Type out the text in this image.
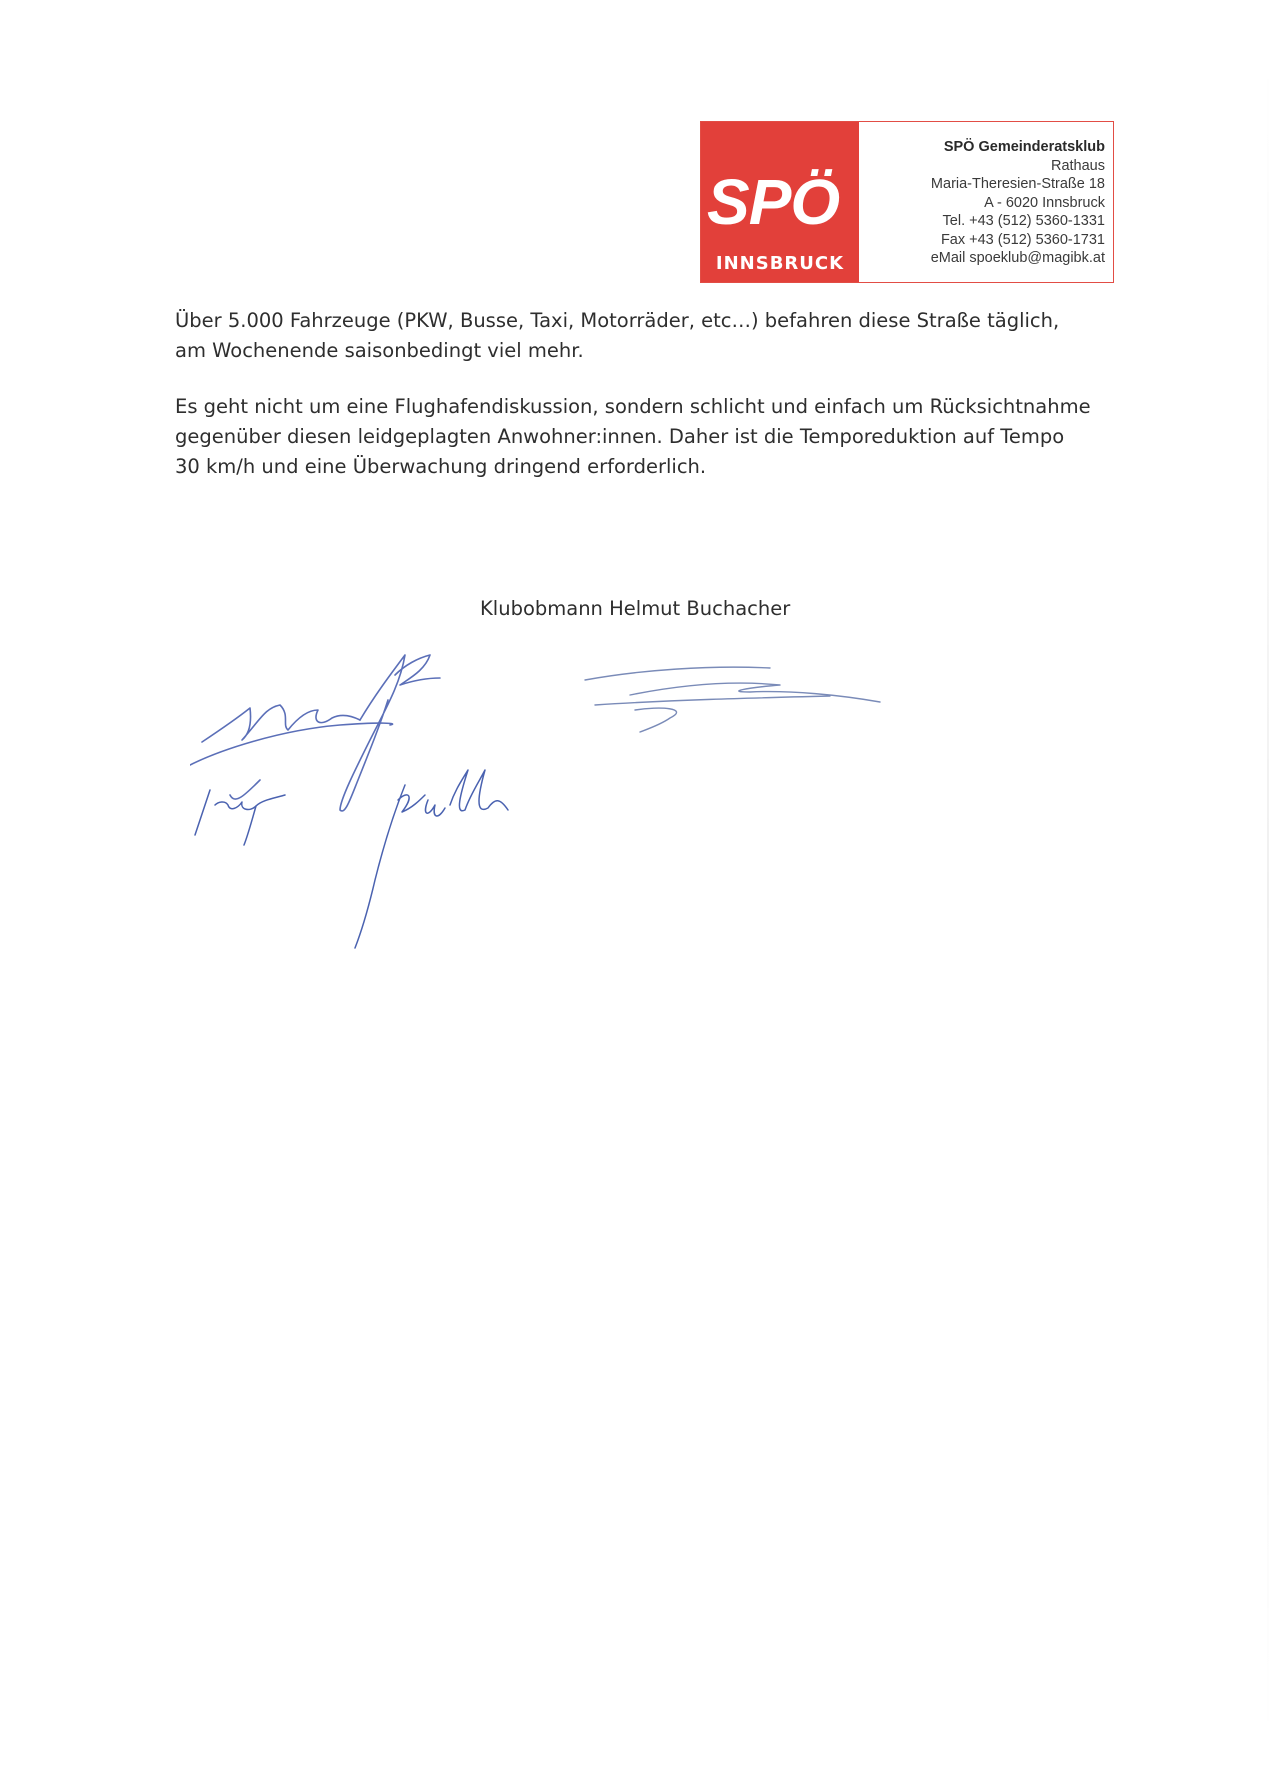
SPÖ
INNSBRUCK
SPÖ Gemeinderatsklub
Rathaus
Maria-Theresien-Straße 18
A - 6020 Innsbruck
Tel. +43 (512) 5360-1331
Fax +43 (512) 5360-1731
eMail spoeklub@magibk.at
Über 5.000 Fahrzeuge (PKW, Busse, Taxi, Motorräder, etc…) befahren diese Straße täglich,
am Wochenende saisonbedingt viel mehr.
Es geht nicht um eine Flughafendiskussion, sondern schlicht und einfach um Rücksichtnahme
gegenüber diesen leidgeplagten Anwohner:innen. Daher ist die Temporeduktion auf Tempo
30 km/h und eine Überwachung dringend erforderlich.
Klubobmann Helmut Buchacher
